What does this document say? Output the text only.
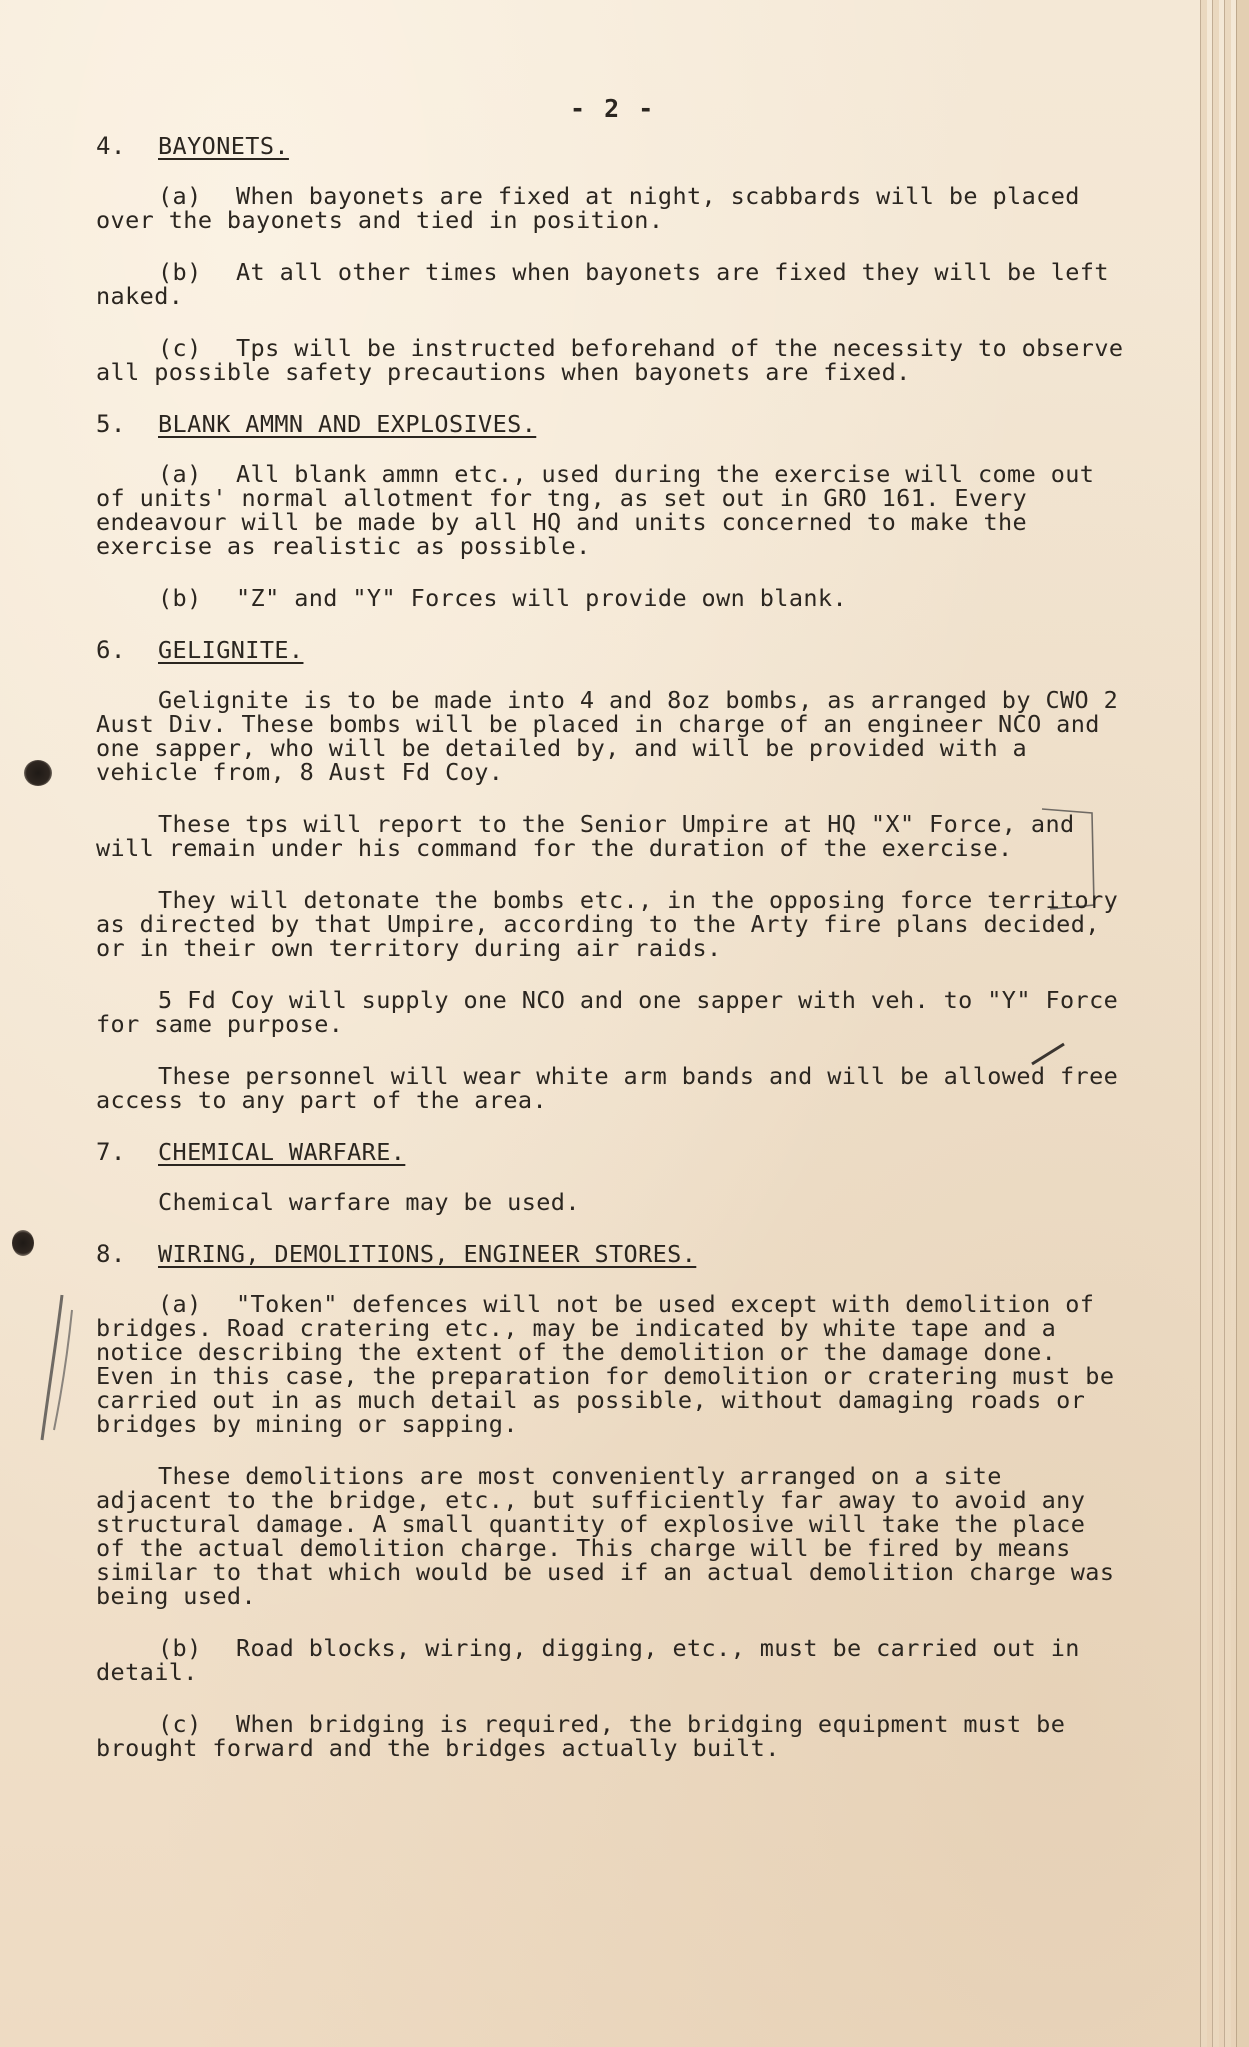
- 2 -
4.	BAYONETS.
(a) When bayonets are fixed at night, scabbards will be placed over the bayonets and tied in position.
(b) At all other times when bayonets are fixed they will be left naked.
(c) Tps will be instructed beforehand of the necessity to observe all possible safety precautions when bayonets are fixed.
5.	BLANK AMMN AND EXPLOSIVES.
(a) All blank ammn etc., used during the exercise will come out of units' normal allotment for tng, as set out in GRO 161. Every endeavour will be made by all HQ and units concerned to make the exercise as realistic as possible.
(b) "Z" and "Y" Forces will provide own blank.
6.	GELIGNITE.
Gelignite is to be made into 4 and 8oz bombs, as arranged by CWO 2 Aust Div. These bombs will be placed in charge of an engineer NCO and one sapper, who will be detailed by, and will be provided with a vehicle from, 8 Aust Fd Coy.
These tps will report to the Senior Umpire at HQ "X" Force, and will remain under his command for the duration of the exercise.
They will detonate the bombs etc., in the opposing force territory as directed by that Umpire, according to the Arty fire plans decided, or in their own territory during air raids.
5 Fd Coy will supply one NCO and one sapper with veh. to "Y" Force for same purpose.
These personnel will wear white arm bands and will be allowed free access to any part of the area.
7.	CHEMICAL WARFARE.
Chemical warfare may be used.
8.	WIRING, DEMOLITIONS, ENGINEER STORES.
(a) "Token" defences will not be used except with demolition of bridges. Road cratering etc., may be indicated by white tape and a notice describing the extent of the demolition or the damage done. Even in this case, the preparation for demolition or cratering must be carried out in as much detail as possible, without damaging roads or bridges by mining or sapping.
These demolitions are most conveniently arranged on a site adjacent to the bridge, etc., but sufficiently far away to avoid any structural damage. A small quantity of explosive will take the place of the actual demolition charge. This charge will be fired by means similar to that which would be used if an actual demolition charge was being used.
(b) Road blocks, wiring, digging, etc., must be carried out in detail.
(c) When bridging is required, the bridging equipment must be brought forward and the bridges actually built.
